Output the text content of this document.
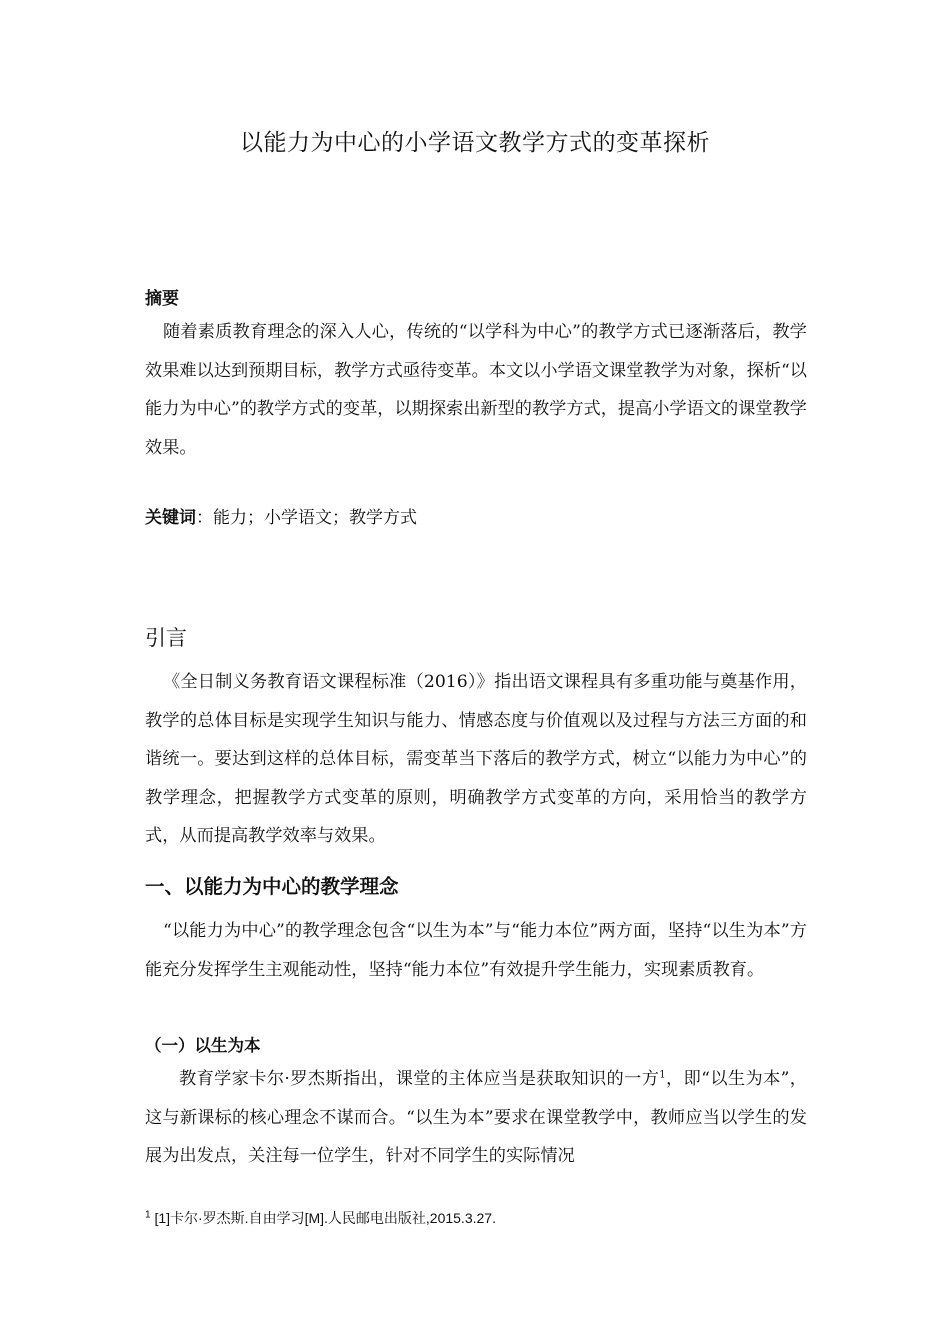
以能力为中心的小学语文教学方式的变革探析
摘要

随着素质教育理念的深入人心，传统的“以学科为中心”的教学方式已逐渐落后，教学效果难以达到预期目标，教学方式亟待变革。本文以小学语文课堂教学为对象，探析“以能力为中心”的教学方式的变革，以期探索出新型的教学方式，提高小学语文的课堂教学效果。

关键词：能力；小学语文；教学方式
引言

《全日制义务教育语文课程标准（2016）》指出语文课程具有多重功能与奠基作用，教学的总体目标是实现学生知识与能力、情感态度与价值观以及过程与方法三方面的和谐统一。要达到这样的总体目标，需变革当下落后的教学方式，树立“以能力为中心”的教学理念，把握教学方式变革的原则，明确教学方式变革的方向，采用恰当的教学方式，从而提高教学效率与效果。

一、以能力为中心的教学理念

“以能力为中心”的教学理念包含“以生为本”与“能力本位”两方面，坚持“以生为本”方能充分发挥学生主观能动性，坚持“能力本位”有效提升学生能力，实现素质教育。

（一）以生为本

教育学家卡尔·罗杰斯指出，课堂的主体应当是获取知识的一方$^1$，即“以生为本”，这与新课标的核心理念不谋而合。“以生为本”要求在课堂教学中，教师应当以学生的发展为出发点，关注每一位学生，针对不同学生的实际情况

$^1$ [1]卡尔·罗杰斯.自由学习[M].人民邮电出版社,2015.3.27.
